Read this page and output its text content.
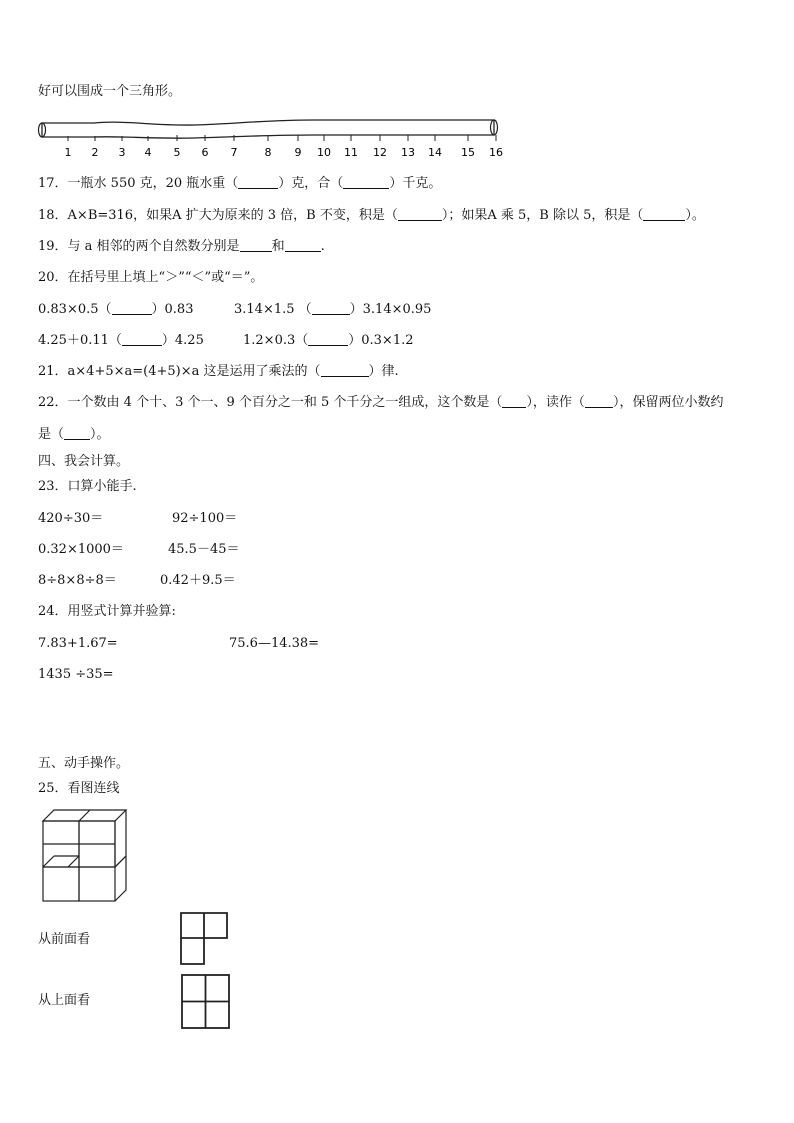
好可以围成一个三角形。
1 2 3 4 5 6 7 8 9 10 11 12 13 14 15 16
17．一瓶水 550 克，20 瓶水重（	）克，合（	）千克。
18．A×B=316，如果A 扩大为原来的 3 倍，B 不变，积是（	）；如果A 乘 5，B 除以 5，积是（	）。
19．与 a 相邻的两个自然数分别是 和	.
20．在括号里上填上“＞”“＜”或“＝”。
0.83×0.5（	）0.83	3.14×1.5 （	）3.14×0.95
4.25＋0.11（	）4.25	1.2×0.3（	）0.3×1.2
21．a×4+5×a=(4+5)×a 这是运用了乘法的（	）律.
22．一个数由 4 个十、3 个一、9 个百分之一和 5 个千分之一组成，这个数是（ ），读作（ ），保留两位小数约
是（ ）。
四、我会计算。
23．口算小能手.
420÷30＝	92÷100＝
0.32×1000＝	45.5－45＝
8÷8×8÷8＝	0.42＋9.5＝
24．用竖式计算并验算:
7.83+1.67=	75.6—14.38=
1435 ÷35=
五、动手操作。
25．看图连线
从前面看
从上面看
